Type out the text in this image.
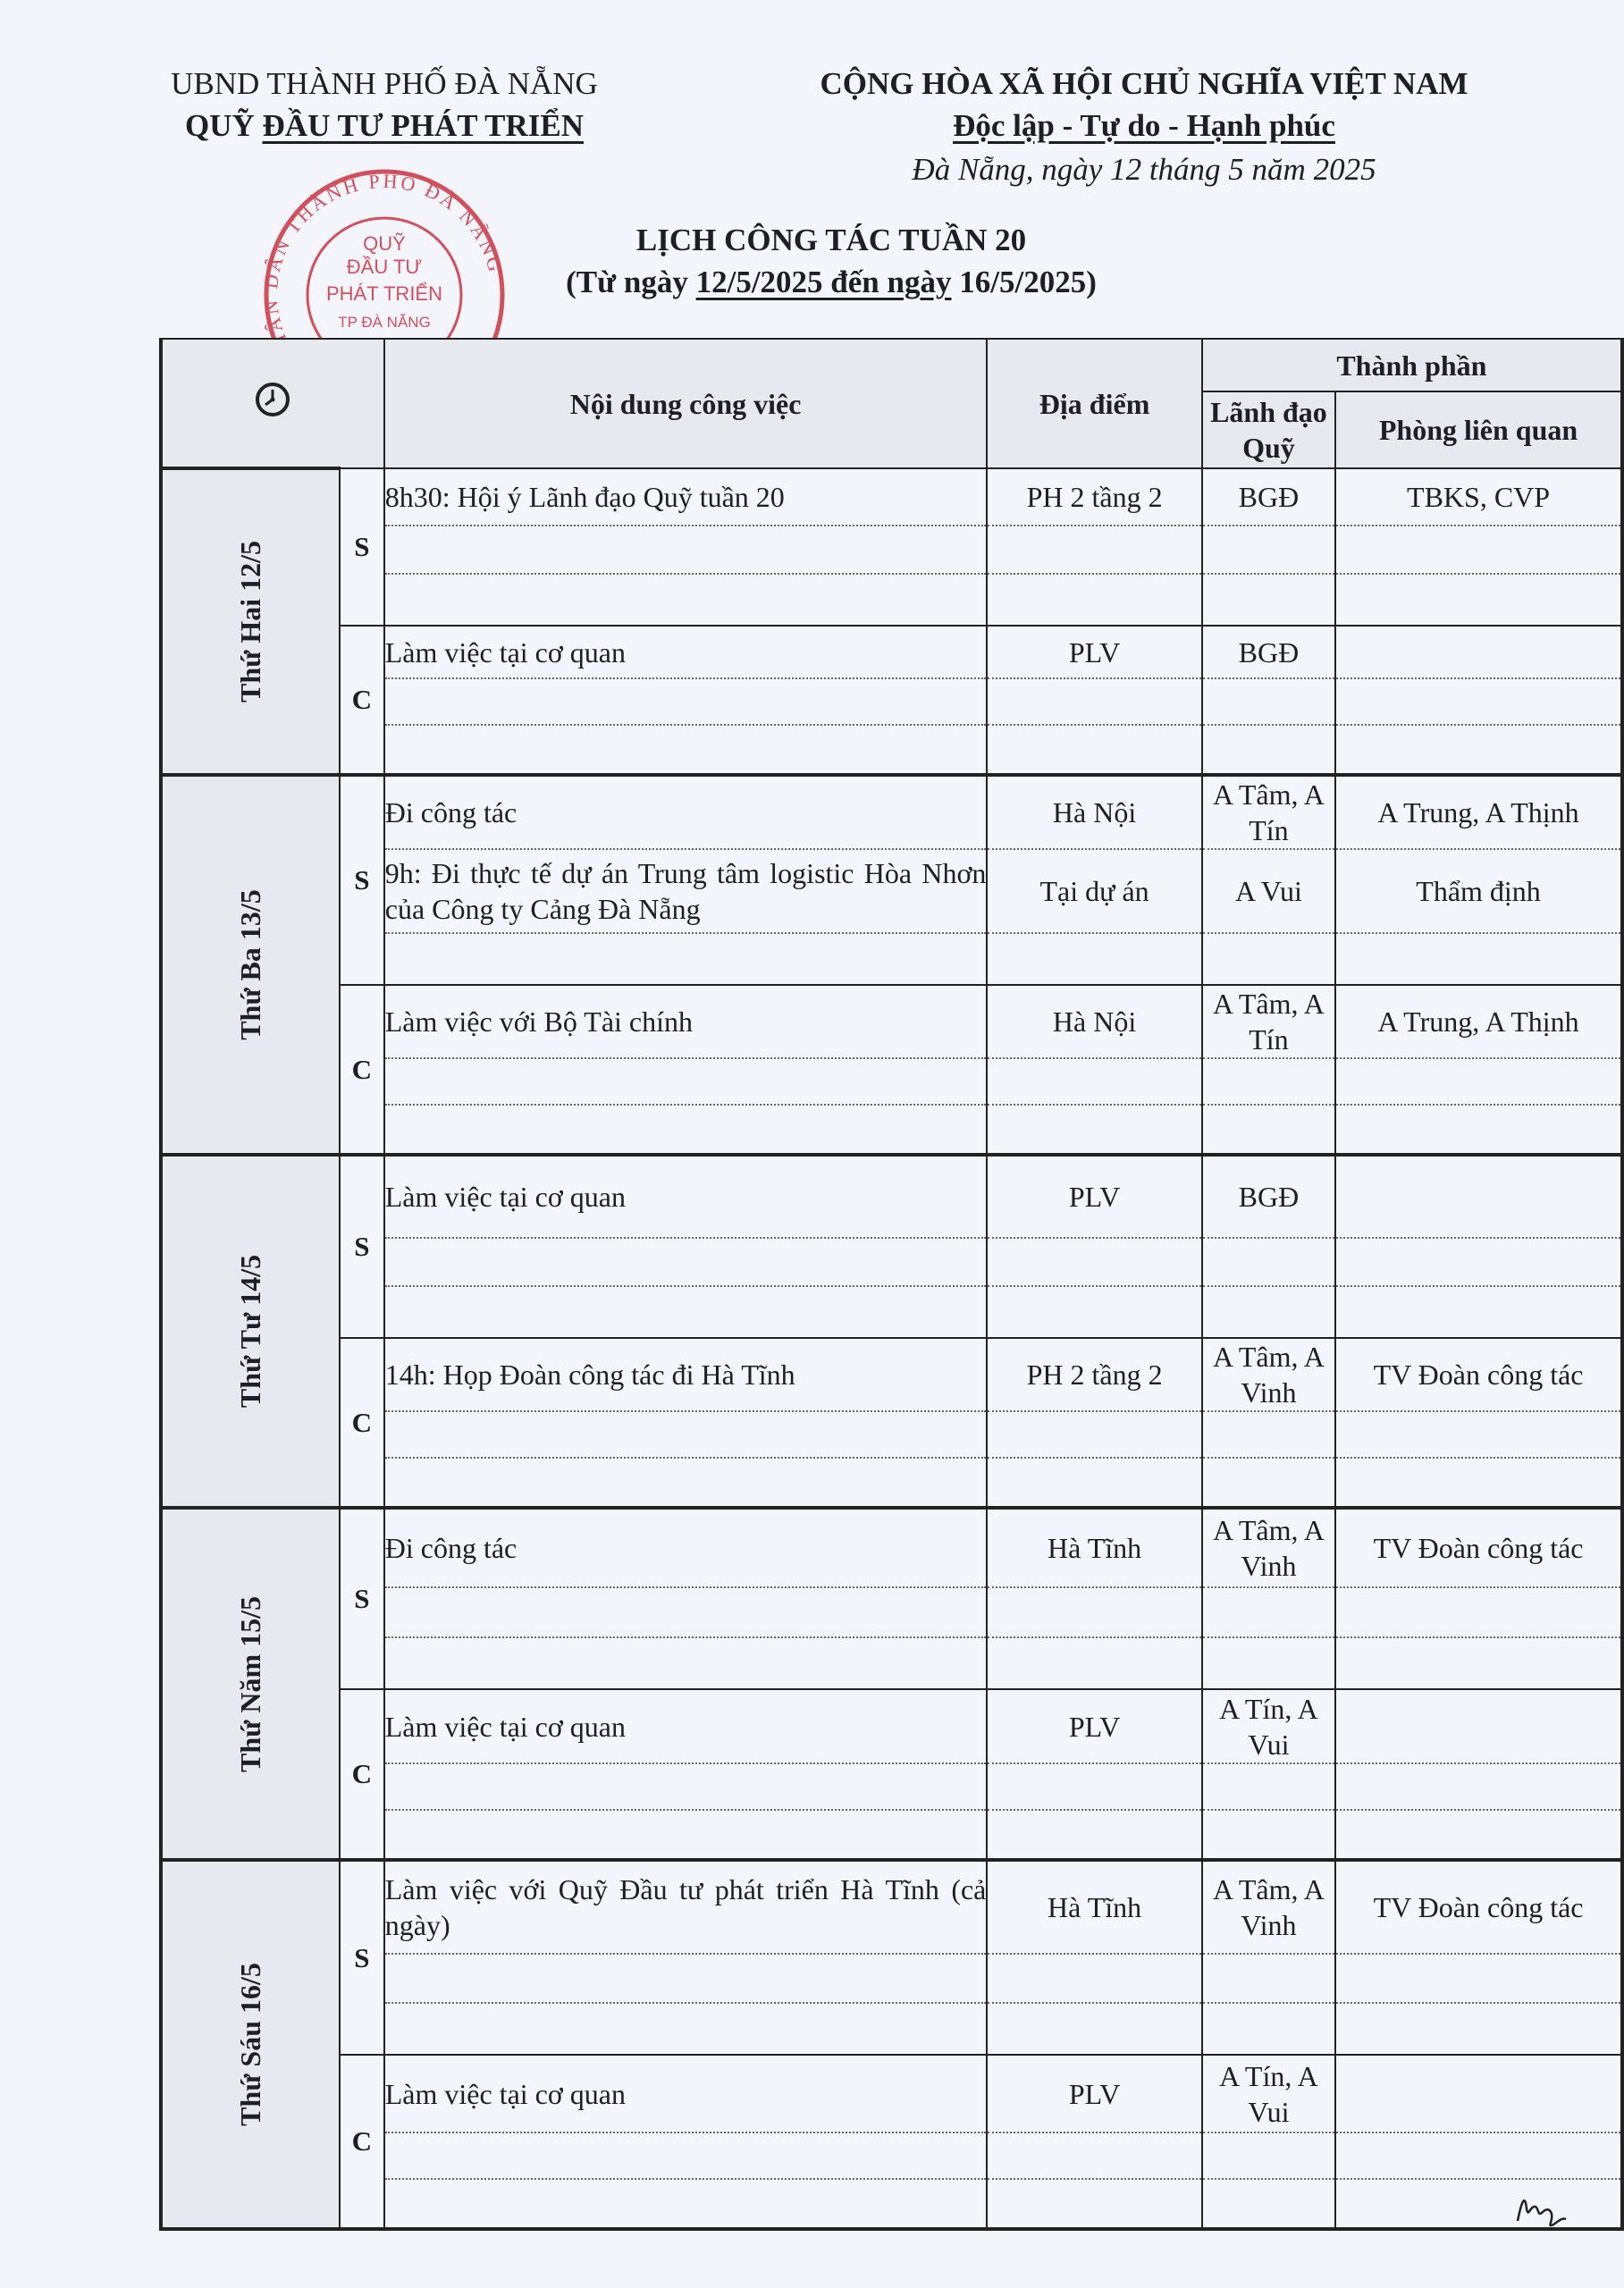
UBND THÀNH PHỐ ĐÀ NẴNG
QUỸ ĐẦU TƯ PHÁT TRIỂN
CỘNG HÒA XÃ HỘI CHỦ NGHĨA VIỆT NAM
Độc lập - Tự do - Hạnh phúc
Đà Nẵng, ngày 12 tháng 5 năm 2025
ÂN DÂN THÀNH PHỐ ĐÀ NẴNG
QUỸ
ĐẦU TƯ
PHÁT TRIỂN
TP ĐÀ NẴNG
LỊCH CÔNG TÁC TUẦN 20
(Từ ngày 12/5/2025 đến ngày 16/5/2025)
	Nội dung công việc	Địa điểm	Thành phần	
				Lãnh đạo Quỹ	Phòng liên quan
Thứ Hai 12/5	S	8h30: Hội ý Lãnh đạo Quỹ tuần 20	PH 2 tầng 2	BGĐ	TBKS, CVP

	C	Làm việc tại cơ quan	PLV	BGĐ	

Thứ Ba 13/5	S	Đi công tác	Hà Nội	A Tâm, A Tín	A Trung, A Thịnh
		9h: Đi thực tế dự án Trung tâm logistic Hòa Nhơn của Công ty Cảng Đà Nẵng	Tại dự án	A Vui	Thẩm định

	C	Làm việc với Bộ Tài chính	Hà Nội	A Tâm, A Tín	A Trung, A Thịnh

Thứ Tư 14/5	S	Làm việc tại cơ quan	PLV	BGĐ	

	C	14h: Họp Đoàn công tác đi Hà Tĩnh	PH 2 tầng 2	A Tâm, A Vinh	TV Đoàn công tác

Thứ Năm 15/5	S	Đi công tác	Hà Tĩnh	A Tâm, A Vinh	TV Đoàn công tác

	C	Làm việc tại cơ quan	PLV	A Tín, A Vui	

Thứ Sáu 16/5	S	Làm việc với Quỹ Đầu tư phát triển Hà Tĩnh (cả ngày)	Hà Tĩnh	A Tâm, A Vinh	TV Đoàn công tác

	C	Làm việc tại cơ quan	PLV	A Tín, A Vui	

Hương
